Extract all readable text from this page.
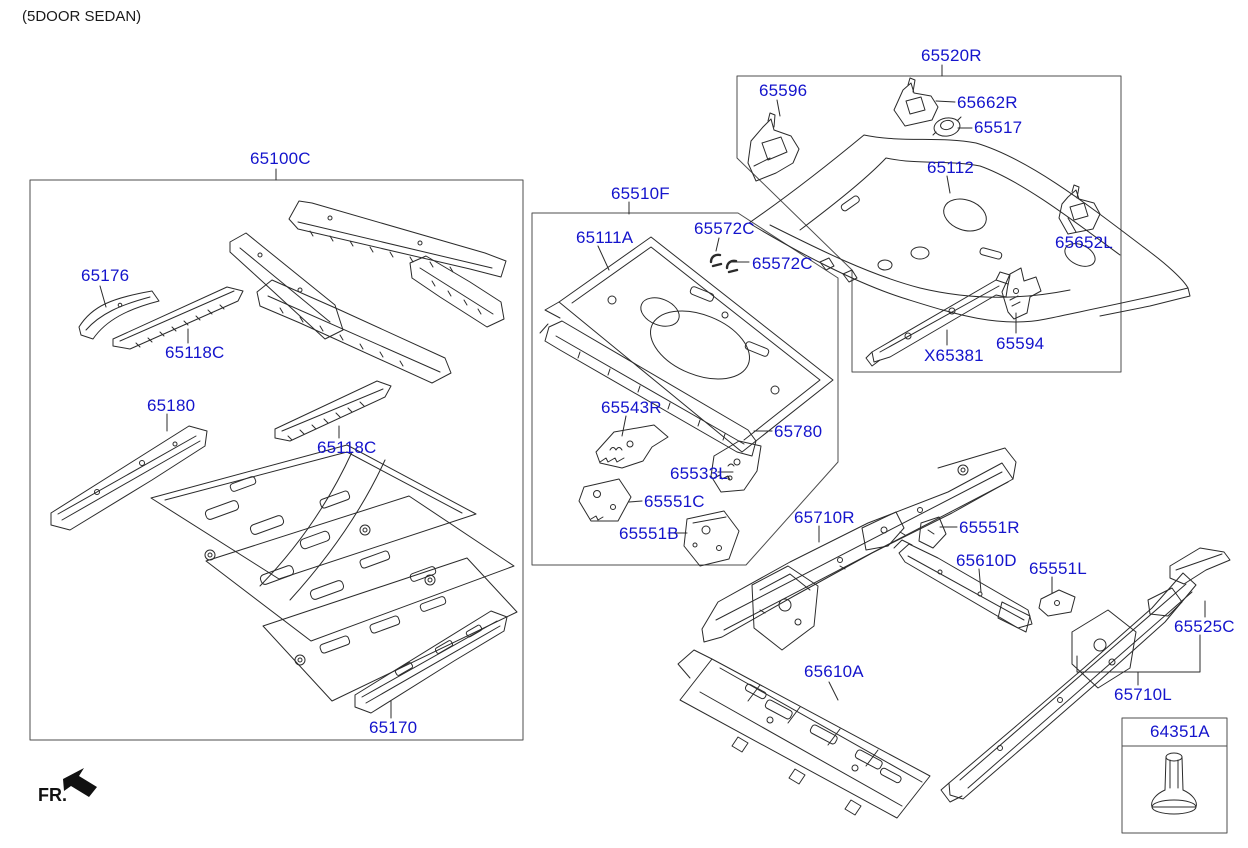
(5DOOR SEDAN)
65100C
65176
65118C
65180
65118C
65170
65510F
65111A	65572C
65572C
65543R
65780
65533L
65551C
65551B
65520R
65596
65662R
65517
65112
65652L
X65381
65594
65710R
65551R
65610D 65551L
65525C
65710L
65610A
64351A
FR.
